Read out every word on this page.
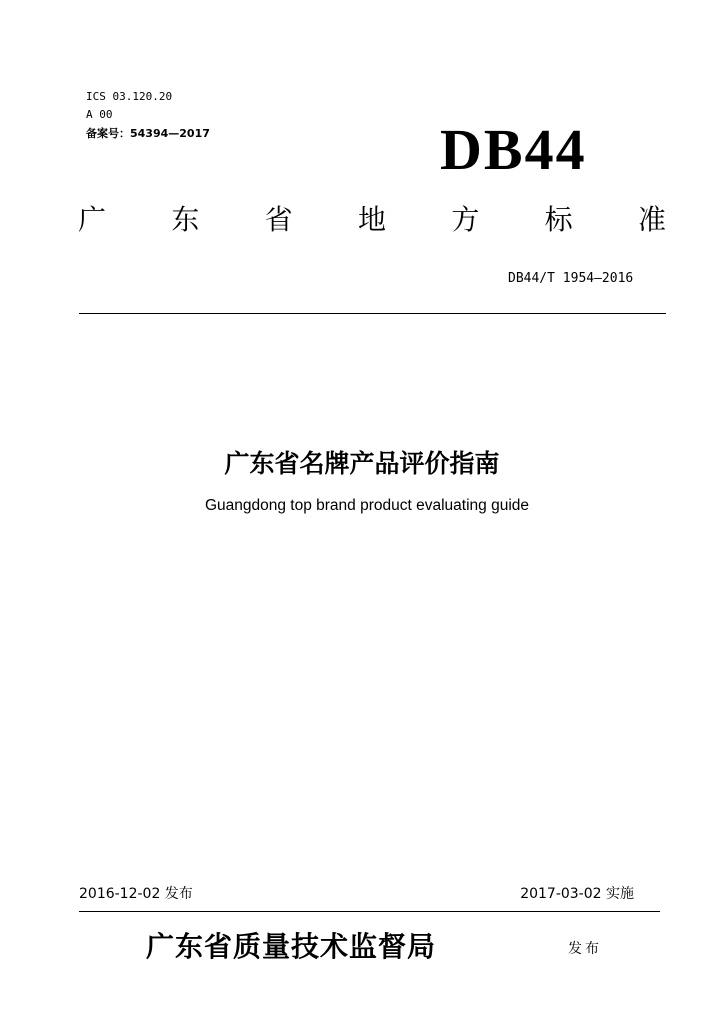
ICS 03.120.20
A 00
备案号：54394—2017	DB44
广 东 省 地 方 标 准
DB44/T 1954—2016
广东省名牌产品评价指南
Guangdong top brand product evaluating guide
2016-12-02 发布	2017-03-02 实施
广东省质量技术监督局	发布
